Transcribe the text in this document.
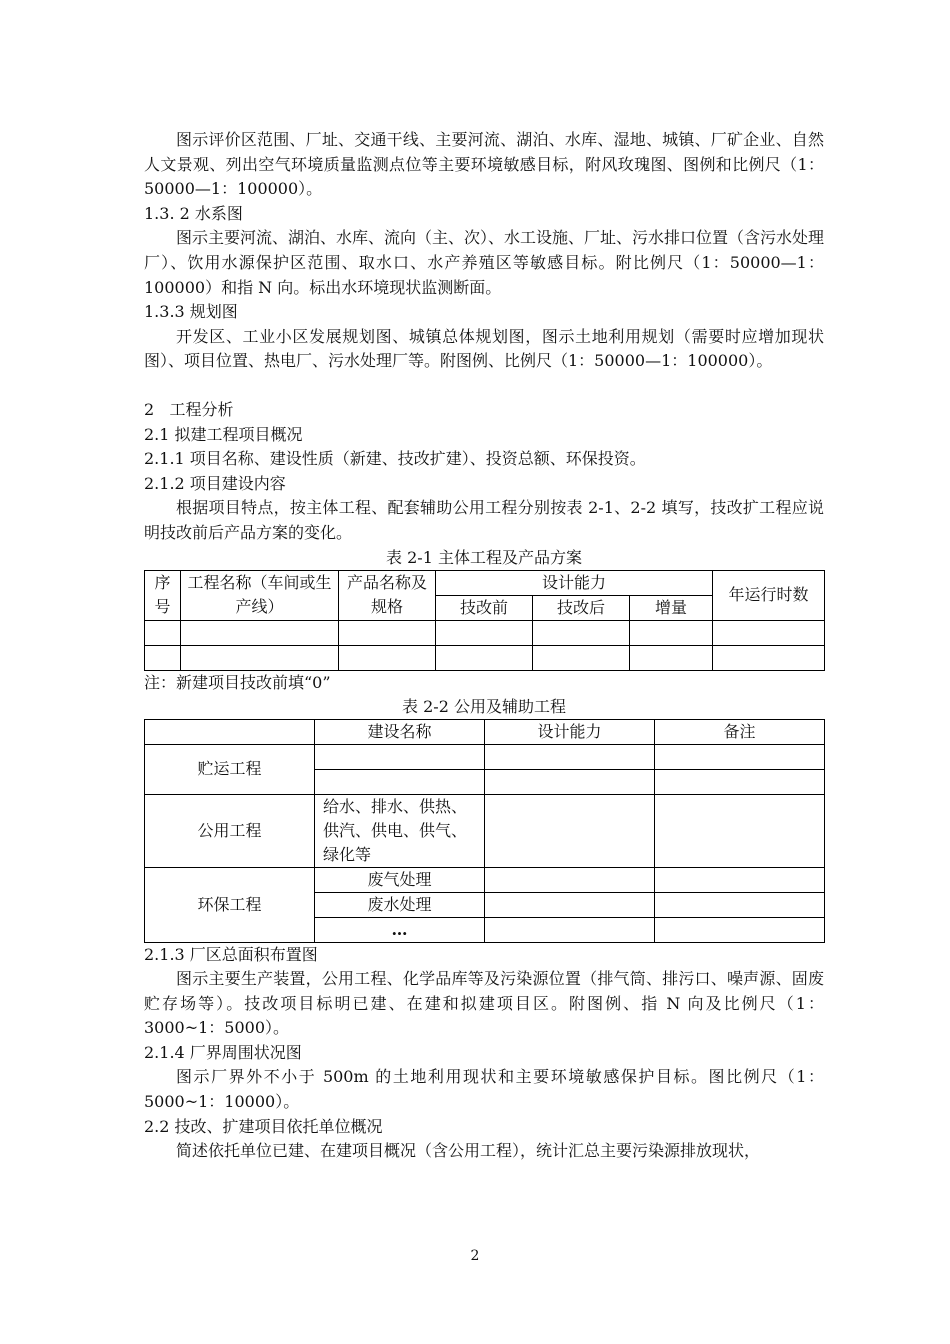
图示评价区范围、厂址、交通干线、主要河流、湖泊、水库、湿地、城镇、厂矿企业、自然人文景观、列出空气环境质量监测点位等主要环境敏感目标，附风玫瑰图、图例和比例尺（1：50000—1：100000）。

1.3. 2 水系图

图示主要河流、湖泊、水库、流向（主、次）、水工设施、厂址、污水排口位置（含污水处理厂）、饮用水源保护区范围、取水口、水产养殖区等敏感目标。附比例尺（1：50000—1：100000）和指 N 向。标出水环境现状监测断面。

1.3.3 规划图

开发区、工业小区发展规划图、城镇总体规划图，图示土地利用规划（需要时应增加现状图）、项目位置、热电厂、污水处理厂等。附图例、比例尺（1：50000—1：100000）。

2   工程分析

2.1 拟建工程项目概况

2.1.1 项目名称、建设性质（新建、技改扩建）、投资总额、环保投资。

2.1.2 项目建设内容

根据项目特点，按主体工程、配套辅助公用工程分别按表 2-1、2-2 填写，技改扩工程应说明技改前后产品方案的变化。

表 2-1 主体工程及产品方案

序号	工程名称（车间或生产线）	产品名称及规格	设计能力			年运行时数
			技改前	技改后	增量	

注：新建项目技改前填“0”

表 2-2 公用及辅助工程

	建设名称	设计能力	备注
贮运工程			

公用工程	给水、排水、供热、供汽、供电、供气、绿化等		
环保工程	废气处理		
	废水处理		
	…		

2.1.3 厂区总面积布置图

图示主要生产装置，公用工程、化学品库等及污染源位置（排气筒、排污口、噪声源、固废贮存场等）。技改项目标明已建、在建和拟建项目区。附图例、指 N 向及比例尺（1：3000~1：5000）。

2.1.4 厂界周围状况图

图示厂界外不小于 500m 的土地利用现状和主要环境敏感保护目标。图比例尺（1：5000~1：10000）。

2.2 技改、扩建项目依托单位概况

简述依托单位已建、在建项目概况（含公用工程），统计汇总主要污染源排放现状，

2
